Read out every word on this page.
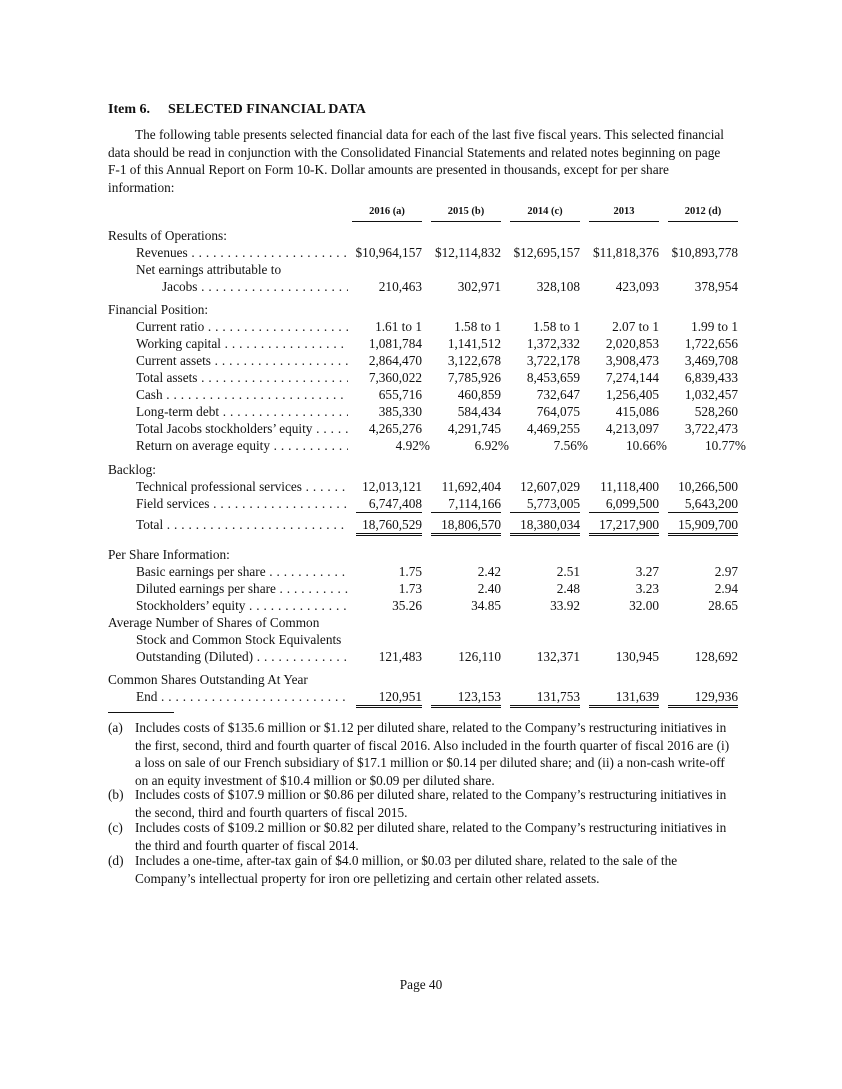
Item 6. SELECTED FINANCIAL DATA

The following table presents selected financial data for each of the last five fiscal years. This selected financial data should be read in conjunction with the Consolidated Financial Statements and related notes beginning on page F-1 of this Annual Report on Form 10-K. Dollar amounts are presented in thousands, except for per share information:

2016 (a)	2015 (b)	2014 (c)	2013	2012 (d)
Results of Operations:
Revenues . . .	$10,964,157 $12,114,832 $12,695,157 $11,818,376 $10,893,778
Net earnings attributable to
Jacobs . . .	210,463	302,971	328,108	423,093	378,954
Financial Position:
Current ratio . . .	1.61 to 1	1.58 to 1	1.58 to 1	2.07 to 1	1.99 to 1
Working capital . . .	1,081,784	1,141,512	1,372,332	2,020,853	1,722,656
Current assets . . .	2,864,470	3,122,678	3,722,178	3,908,473	3,469,708
Total assets . . .	7,360,022	7,785,926	8,453,659	7,274,144	6,839,433
Cash . . .	655,716	460,859	732,647	1,256,405	1,032,457
Long-term debt . . .	385,330	584,434	764,075	415,086	528,260
Total Jacobs stockholders’ equity . . .	4,265,276	4,291,745	4,469,255	4,213,097	3,722,473
Return on average equity . . .	4.92%	6.92%	7.56%	10.66%	10.77%
Backlog:
Technical professional services . . .	12,013,121	11,692,404	12,607,029	11,118,400	10,266,500
Field services . . .	6,747,408	7,114,166	5,773,005	6,099,500	5,643,200
Total . . .	18,760,529	18,806,570	18,380,034	17,217,900	15,909,700
Per Share Information:
Basic earnings per share . . .	1.75	2.42	2.51	3.27	2.97
Diluted earnings per share . . .	1.73	2.40	2.48	3.23	2.94
Stockholders’ equity . . .	35.26	34.85	33.92	32.00	28.65
Average Number of Shares of Common
Stock and Common Stock Equivalents
Outstanding (Diluted) . . .	121,483	126,110	132,371	130,945	128,692
Common Shares Outstanding At Year
End . . .	120,951	123,153	131,753	131,639	129,936
(a) Includes costs of $135.6 million or $1.12 per diluted share, related to the Company’s restructuring initiatives in the first, second, third and fourth quarter of fiscal 2016. Also included in the fourth quarter of fiscal 2016 are (i) a loss on sale of our French subsidiary of $17.1 million or $0.14 per diluted share; and (ii) a non-cash write-off on an equity investment of $10.4 million or $0.09 per diluted share.
(b) Includes costs of $107.9 million or $0.86 per diluted share, related to the Company’s restructuring initiatives in the second, third and fourth quarters of fiscal 2015.
(c) Includes costs of $109.2 million or $0.82 per diluted share, related to the Company’s restructuring initiatives in the third and fourth quarter of fiscal 2014.
(d) Includes a one-time, after-tax gain of $4.0 million, or $0.03 per diluted share, related to the sale of the Company’s intellectual property for iron ore pelletizing and certain other related assets.
Page 40
